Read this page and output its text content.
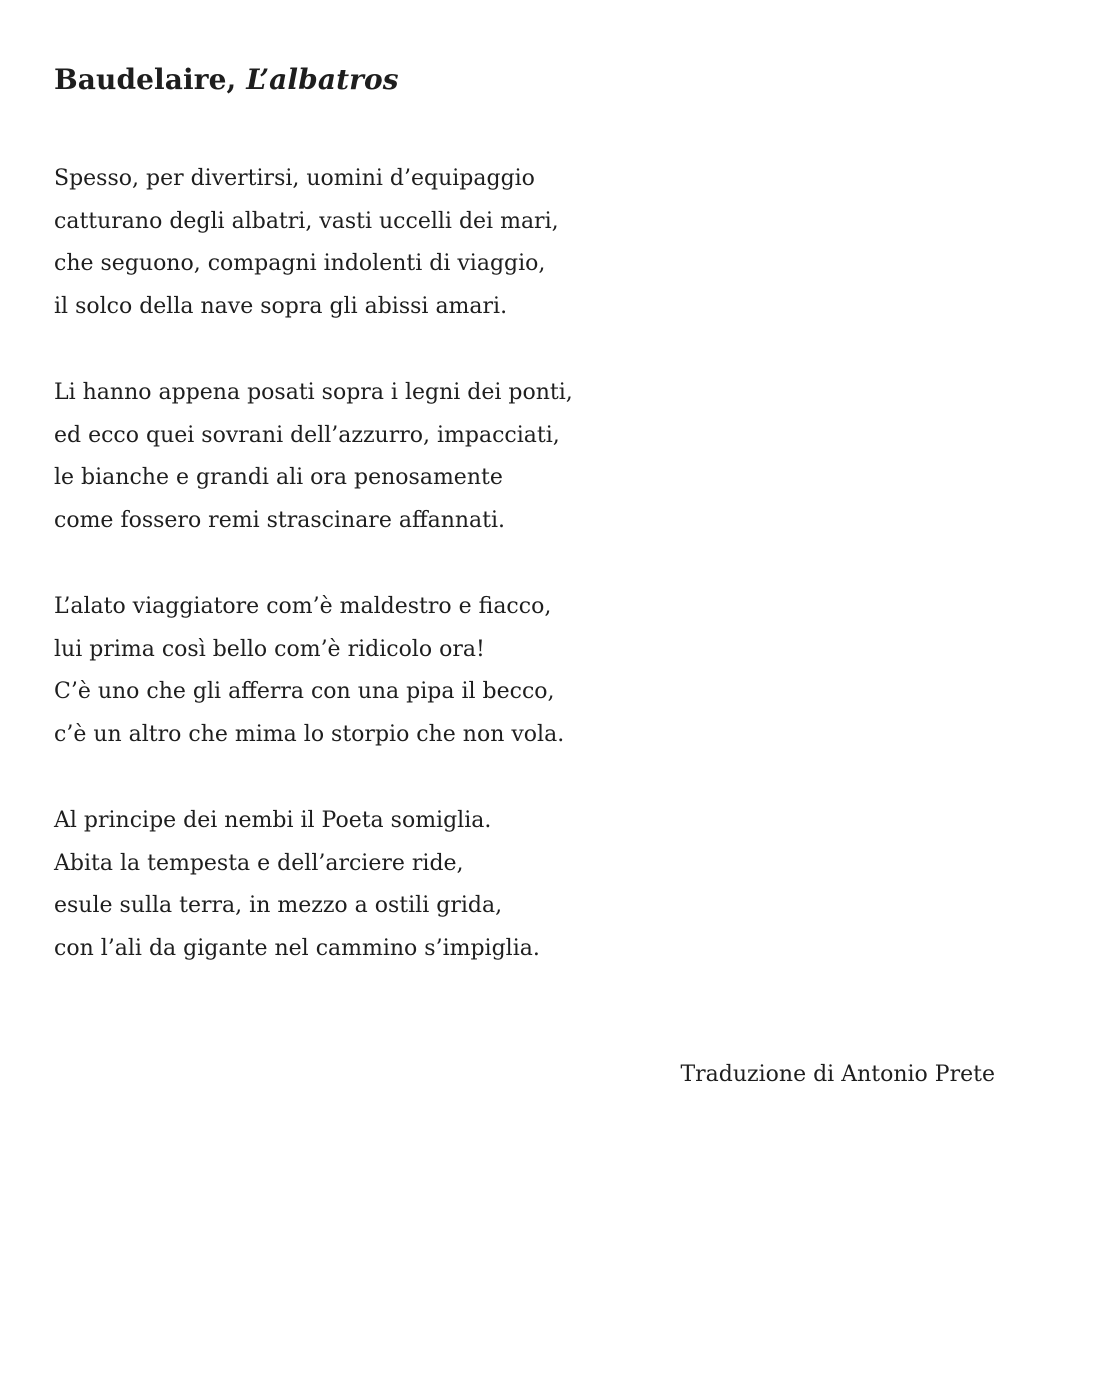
Baudelaire, L’albatros

Spesso, per divertirsi, uomini d’equipaggio
catturano degli albatri, vasti uccelli dei mari,
che seguono, compagni indolenti di viaggio,
il solco della nave sopra gli abissi amari.

Li hanno appena posati sopra i legni dei ponti,
ed ecco quei sovrani dell’azzurro, impacciati,
le bianche e grandi ali ora penosamente
come fossero remi strascinare affannati.

L’alato viaggiatore com’è maldestro e fiacco,
lui prima così bello com’è ridicolo ora!
C’è uno che gli afferra con una pipa il becco,
c’è un altro che mima lo storpio che non vola.

Al principe dei nembi il Poeta somiglia.
Abita la tempesta e dell’arciere ride,
esule sulla terra, in mezzo a ostili grida,
con l’ali da gigante nel cammino s’impiglia.

Traduzione di Antonio Prete
